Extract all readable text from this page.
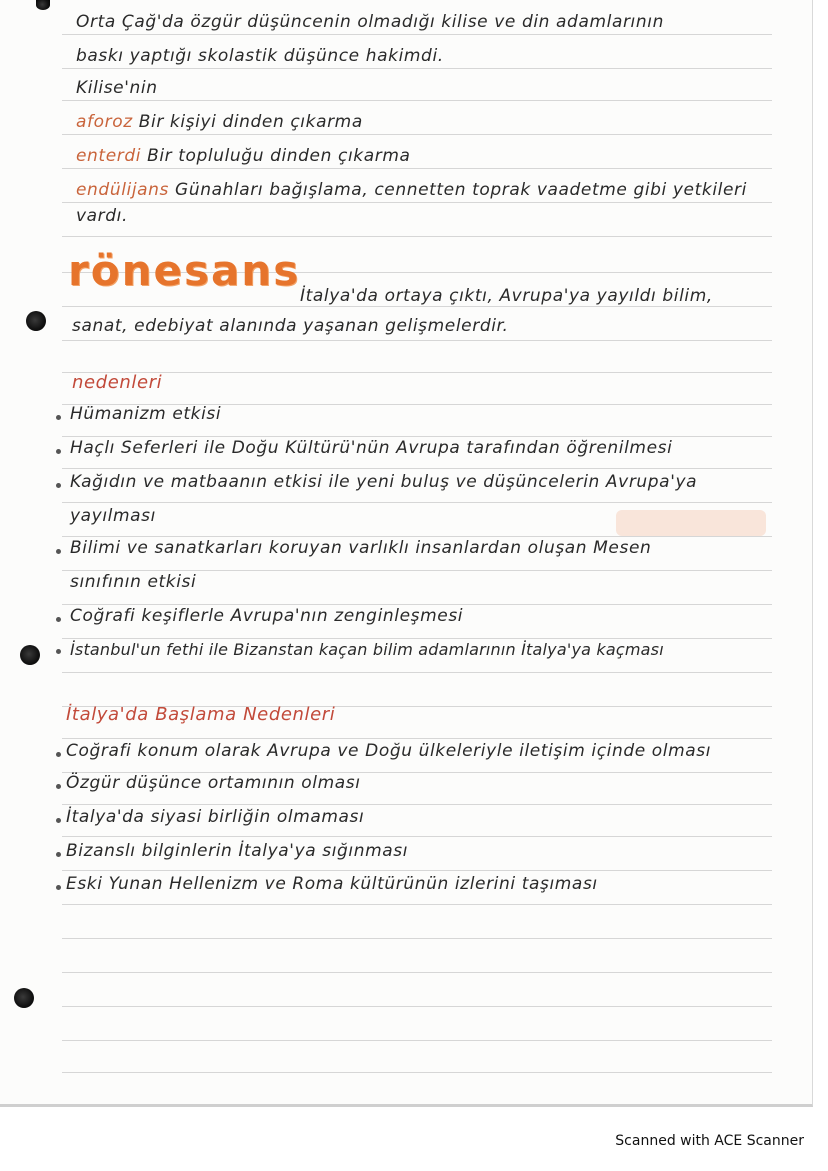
Orta Çağ'da özgür düşüncenin olmadığı kilise ve din adamlarının
baskı yaptığı skolastik düşünce hakimdi.
Kilise'nin
aforoz Bir kişiyi dinden çıkarma
enterdi Bir topluluğu dinden çıkarma
endülijans Günahları bağışlama, cennetten toprak vaadetme gibi yetkileri
vardı.
rönesans
İtalya'da ortaya çıktı, Avrupa'ya yayıldı bilim,
sanat, edebiyat alanında yaşanan gelişmelerdir.
nedenleri
Hümanizm etkisi
Haçlı Seferleri ile Doğu Kültürü'nün Avrupa tarafından öğrenilmesi
Kağıdın ve matbaanın etkisi ile yeni buluş ve düşüncelerin Avrupa'ya
yayılması
Bilimi ve sanatkarları koruyan varlıklı insanlardan oluşan Mesen
sınıfının etkisi
Coğrafi keşiflerle Avrupa'nın zenginleşmesi
İstanbul'un fethi ile Bizanstan kaçan bilim adamlarının İtalya'ya kaçması
İtalya'da Başlama Nedenleri
Coğrafi konum olarak Avrupa ve Doğu ülkeleriyle iletişim içinde olması
Özgür düşünce ortamının olması
İtalya'da siyasi birliğin olmaması
Bizanslı bilginlerin İtalya'ya sığınması
Eski Yunan Hellenizm ve Roma kültürünün izlerini taşıması
Scanned with ACE Scanner
